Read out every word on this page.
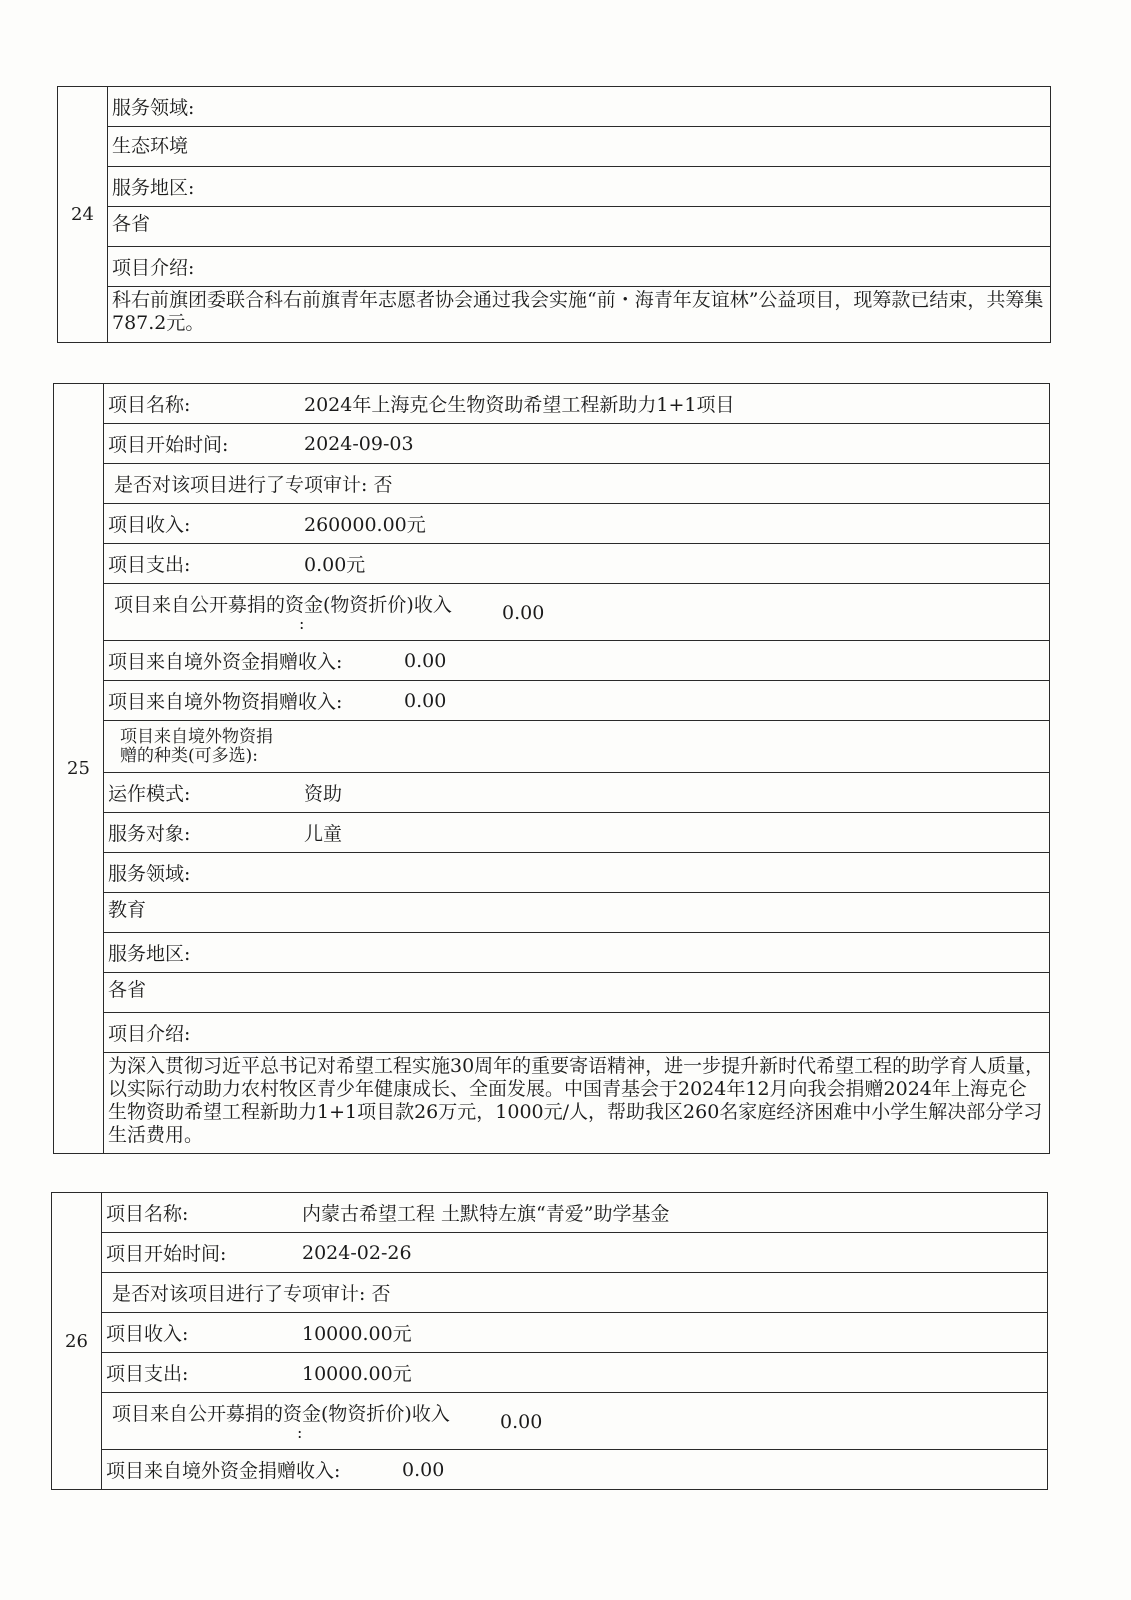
24
服务领域:
生态环境
服务地区:
各省
项目介绍:
科右前旗团委联合科右前旗青年志愿者协会通过我会实施“前・海青年友谊林”公益项目，现筹款已结束，共筹集787.2元。
25
项目名称:	2024年上海克仑生物资助希望工程新助力1+1项目
项目开始时间:	2024-09-03
是否对该项目进行了专项审计: 否
项目收入:	260000.00元
项目支出:	0.00元
项目来自公开募捐的资金(物资折价)收入
:	0.00
项目来自境外资金捐赠收入:	0.00
项目来自境外物资捐赠收入:	0.00
项目来自境外物资捐
赠的种类(可多选):
运作模式:	资助
服务对象:	儿童
服务领域:
教育
服务地区:
各省
项目介绍:
为深入贯彻习近平总书记对希望工程实施30周年的重要寄语精神，进一步提升新时代希望工程的助学育人质量，以实际行动助力农村牧区青少年健康成长、全面发展。中国青基会于2024年12月向我会捐赠2024年上海克仑生物资助希望工程新助力1+1项目款26万元，1000元/人，帮助我区260名家庭经济困难中小学生解决部分学习生活费用。
26
项目名称:	内蒙古希望工程 土默特左旗“青爱”助学基金
项目开始时间:	2024-02-26
是否对该项目进行了专项审计: 否
项目收入:	10000.00元
项目支出:	10000.00元
项目来自公开募捐的资金(物资折价)收入
:	0.00
项目来自境外资金捐赠收入:	0.00
